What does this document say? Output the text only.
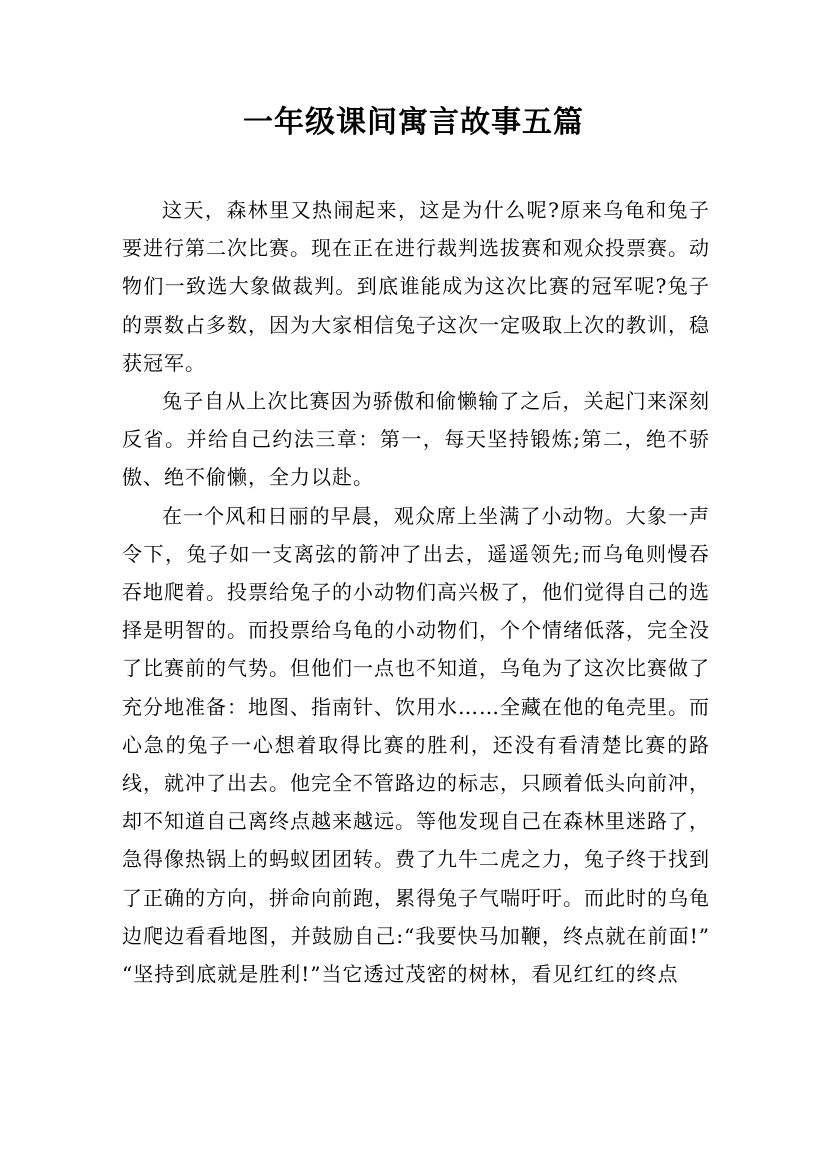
一年级课间寓言故事五篇

这天，森林里又热闹起来，这是为什么呢?原来乌龟和兔子要进行第二次比赛。现在正在进行裁判选拔赛和观众投票赛。动物们一致选大象做裁判。到底谁能成为这次比赛的冠军呢?兔子的票数占多数，因为大家相信兔子这次一定吸取上次的教训，稳获冠军。

兔子自从上次比赛因为骄傲和偷懒输了之后，关起门来深刻反省。并给自己约法三章：第一，每天坚持锻炼;第二，绝不骄傲、绝不偷懒，全力以赴。

在一个风和日丽的早晨，观众席上坐满了小动物。大象一声令下，兔子如一支离弦的箭冲了出去，遥遥领先;而乌龟则慢吞吞地爬着。投票给兔子的小动物们高兴极了，他们觉得自己的选择是明智的。而投票给乌龟的小动物们，个个情绪低落，完全没了比赛前的气势。但他们一点也不知道，乌龟为了这次比赛做了充分地准备：地图、指南针、饮用水……全藏在他的龟壳里。而心急的兔子一心想着取得比赛的胜利，还没有看清楚比赛的路线，就冲了出去。他完全不管路边的标志，只顾着低头向前冲，却不知道自己离终点越来越远。等他发现自己在森林里迷路了，急得像热锅上的蚂蚁团团转。费了九牛二虎之力，兔子终于找到了正确的方向，拼命向前跑，累得兔子气喘吁吁。而此时的乌龟边爬边看看地图，并鼓励自己:“我要快马加鞭，终点就在前面!” “坚持到底就是胜利!”当它透过茂密的树林，看见红红的终点
